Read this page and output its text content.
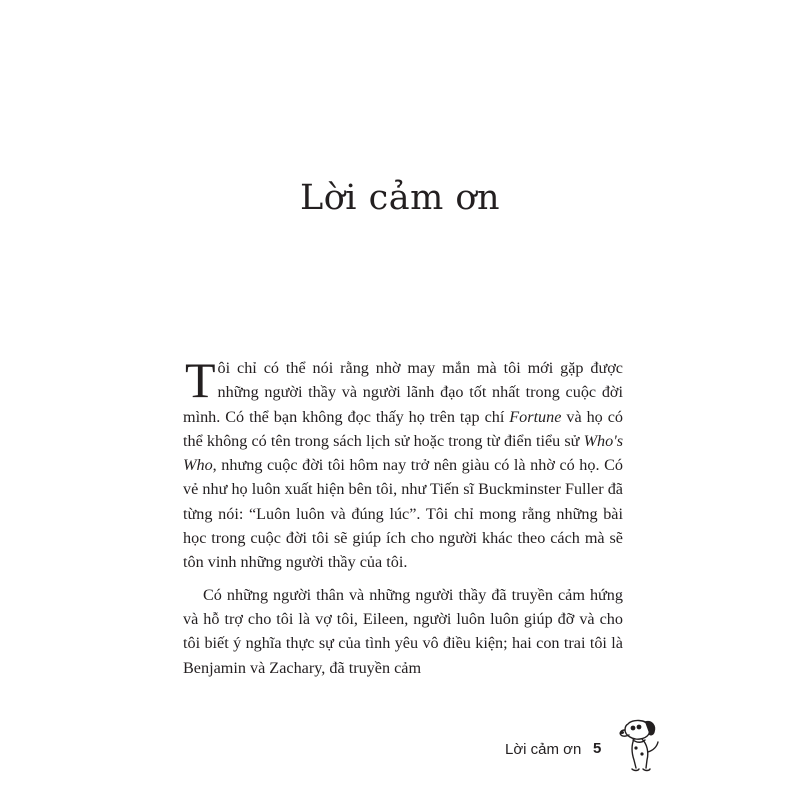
Lời cảm ơn

Tôi chỉ có thể nói rằng nhờ may mắn mà tôi mới gặp được những người thầy và người lãnh đạo tốt nhất trong cuộc đời mình. Có thể bạn không đọc thấy họ trên tạp chí Fortune và họ có thể không có tên trong sách lịch sử hoặc trong từ điển tiểu sử Who's Who, nhưng cuộc đời tôi hôm nay trở nên giàu có là nhờ có họ. Có vẻ như họ luôn xuất hiện bên tôi, như Tiến sĩ Buckminster Fuller đã từng nói: “Luôn luôn và đúng lúc”. Tôi chỉ mong rằng những bài học trong cuộc đời tôi sẽ giúp ích cho người khác theo cách mà sẽ tôn vinh những người thầy của tôi.

Có những người thân và những người thầy đã truyền cảm hứng và hỗ trợ cho tôi là vợ tôi, Eileen, người luôn luôn giúp đỡ và cho tôi biết ý nghĩa thực sự của tình yêu vô điều kiện; hai con trai tôi là Benjamin và Zachary, đã truyền cảm

Lời cảm ơn 5
